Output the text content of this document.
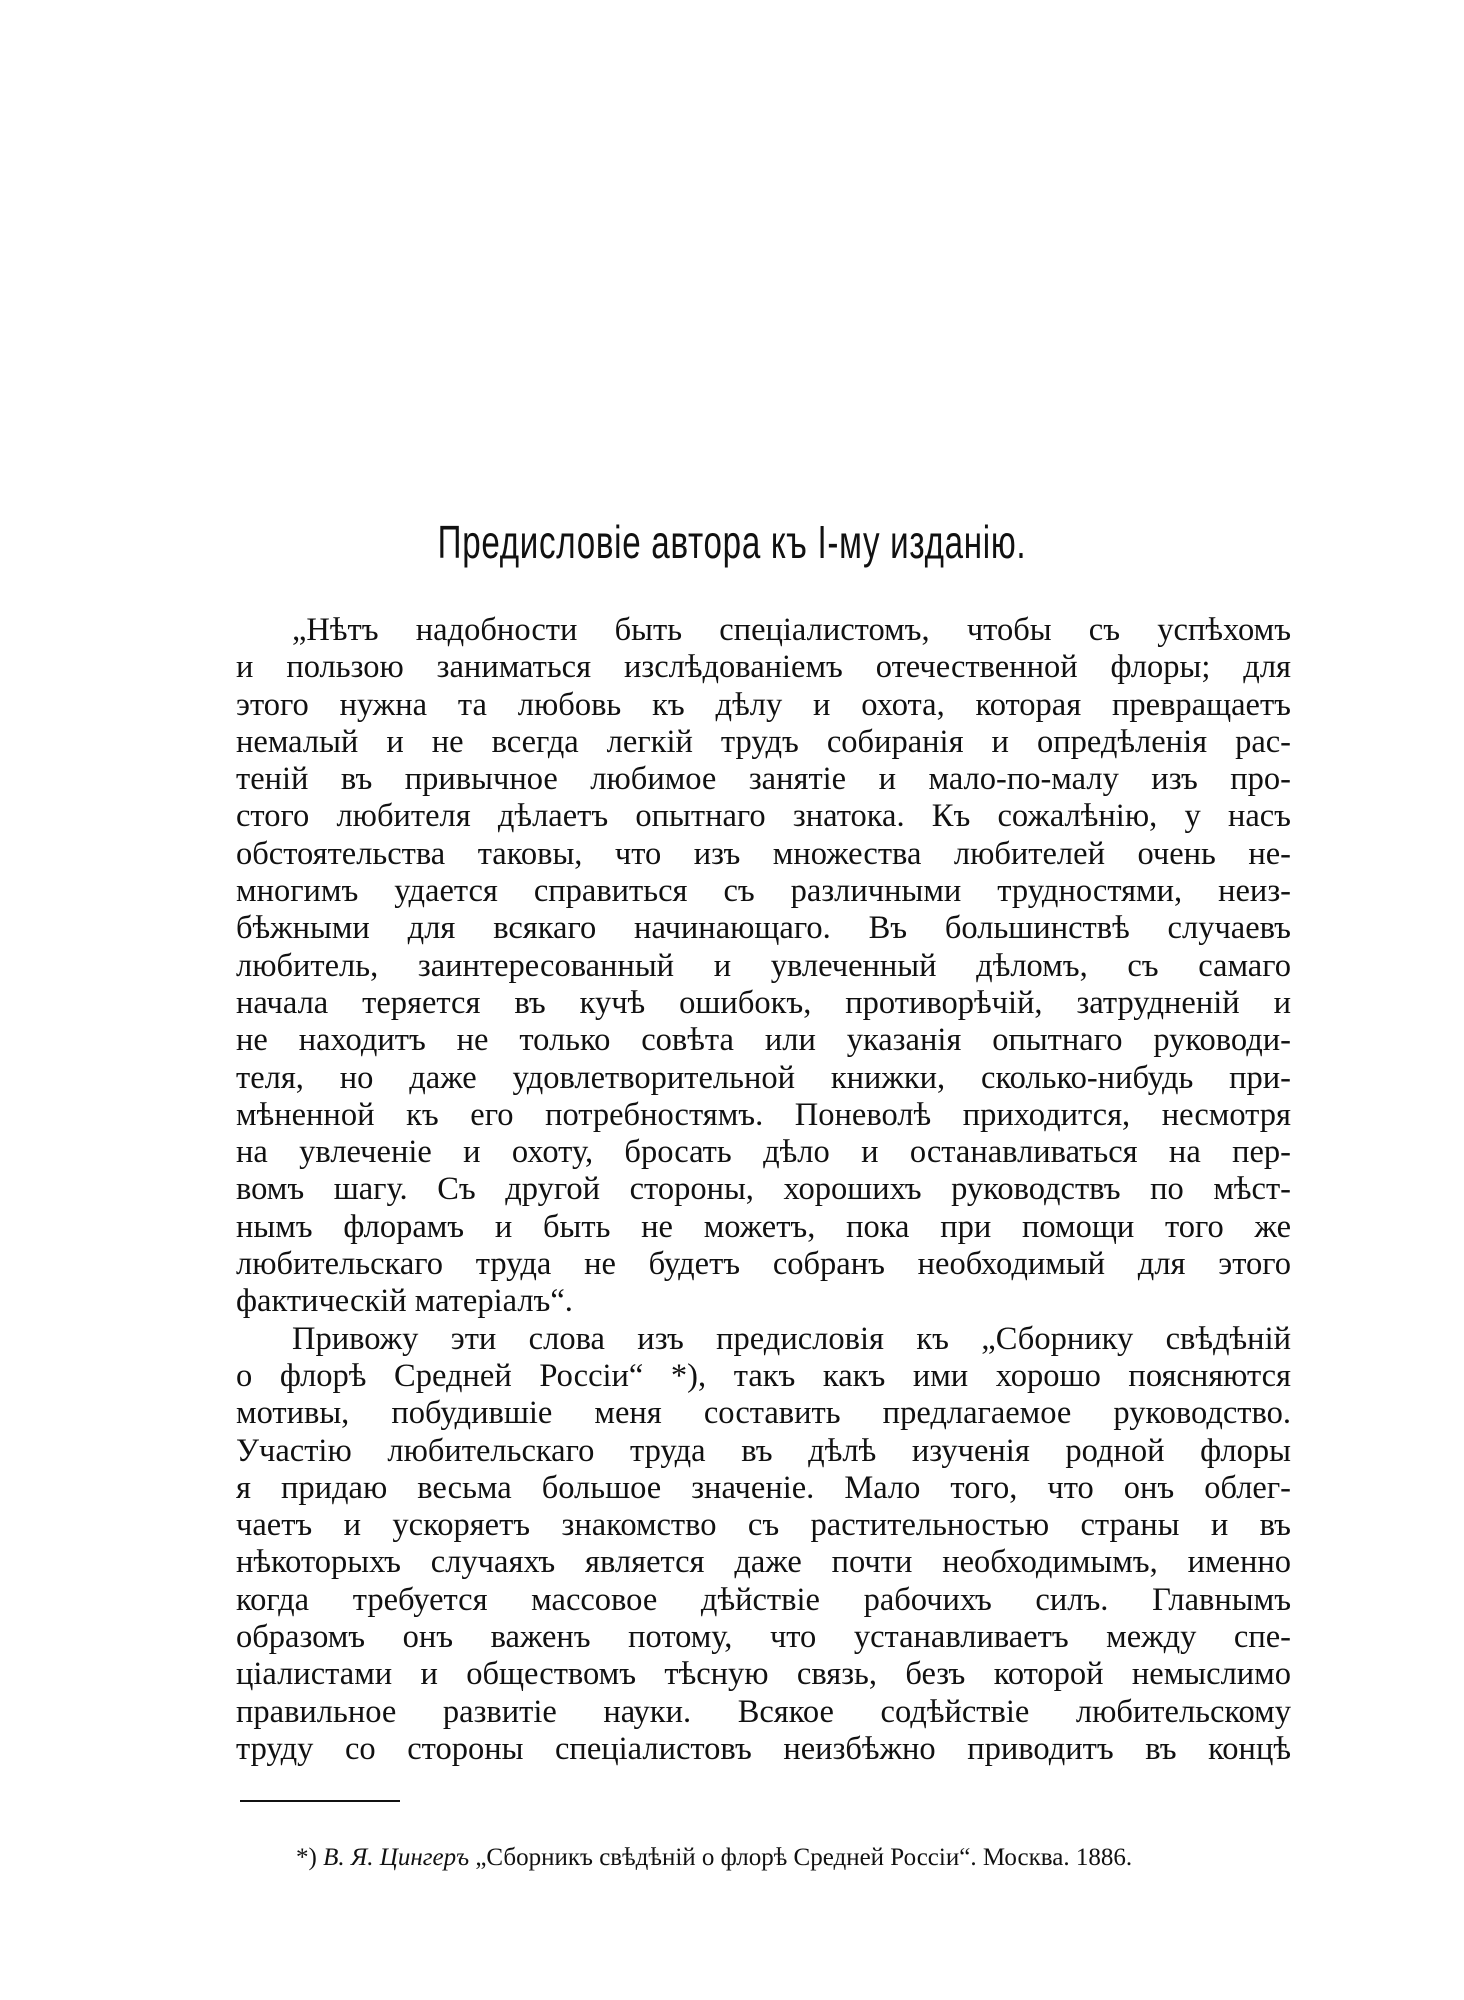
Предисловіе автора къ І-му изданію.
„Нѣтъ надобности быть спеціалистомъ, чтобы съ успѣхомъ
и пользою заниматься изслѣдованіемъ отечественной флоры; для
этого нужна та любовь къ дѣлу и охота, которая превращаетъ
немалый и не всегда легкій трудъ собиранія и опредѣленія рас-
теній въ привычное любимое занятіе и мало-по-малу изъ про-
стого любителя дѣлаетъ опытнаго знатока. Къ сожалѣнію, у насъ
обстоятельства таковы, что изъ множества любителей очень не-
многимъ удается справиться съ различными трудностями, неиз-
бѣжными для всякаго начинающаго. Въ большинствѣ случаевъ
любитель, заинтересованный и увлеченный дѣломъ, съ самаго
начала теряется въ кучѣ ошибокъ, противорѣчій, затрудненій и
не находитъ не только совѣта или указанія опытнаго руководи-
теля, но даже удовлетворительной книжки, сколько-нибудь при-
мѣненной къ его потребностямъ. Поневолѣ приходится, несмотря
на увлеченіе и охоту, бросать дѣло и останавливаться на пер-
вомъ шагу. Съ другой стороны, хорошихъ руководствъ по мѣст-
нымъ флорамъ и быть не можетъ, пока при помощи того же
любительскаго труда не будетъ собранъ необходимый для этого
фактическій матеріалъ“.
Привожу эти слова изъ предисловія къ „Сборнику свѣдѣній
о флорѣ Средней Россіи“ *), такъ какъ ими хорошо поясняются
мотивы, побудившіе меня составить предлагаемое руководство.
Участію любительскаго труда въ дѣлѣ изученія родной флоры
я придаю весьма большое значеніе. Мало того, что онъ облег-
чаетъ и ускоряетъ знакомство съ растительностью страны и въ
нѣкоторыхъ случаяхъ является даже почти необходимымъ, именно
когда требуется массовое дѣйствіе рабочихъ силъ. Главнымъ
образомъ онъ важенъ потому, что устанавливаетъ между спе-
ціалистами и обществомъ тѣсную связь, безъ которой немыслимо
правильное развитіе науки. Всякое содѣйствіе любительскому
труду со стороны спеціалистовъ неизбѣжно приводитъ въ концѣ
*) В. Я. Цингеръ „Сборникъ свѣдѣній о флорѣ Средней Россіи“. Москва. 1886.
